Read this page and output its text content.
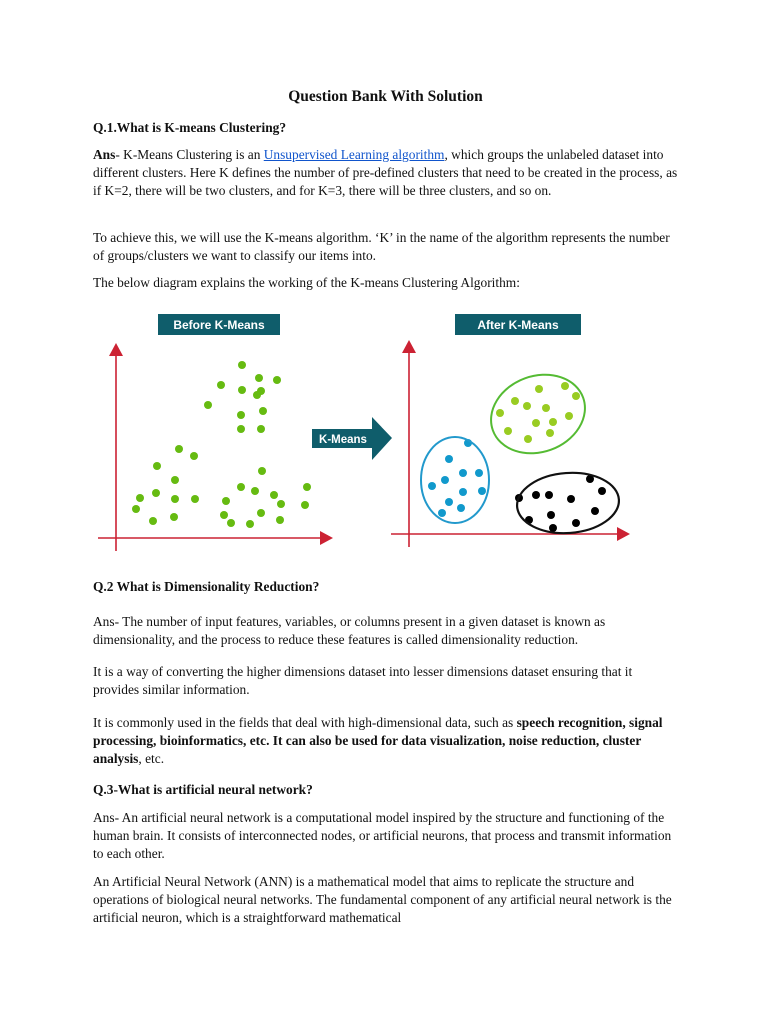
Question Bank With Solution

Q.1.What is K-means Clustering?

Ans- K-Means Clustering is an Unsupervised Learning algorithm, which groups the unlabeled dataset into different clusters. Here K defines the number of pre-defined clusters that need to be created in the process, as if K=2, there will be two clusters, and for K=3, there will be three clusters, and so on.

To achieve this, we will use the K-means algorithm. ‘K’ in the name of the algorithm represents the number of groups/clusters we want to classify our items into.

The below diagram explains the working of the K-means Clustering Algorithm:

Q.2 What is Dimensionality Reduction?

Ans- The number of input features, variables, or columns present in a given dataset is known as dimensionality, and the process to reduce these features is called dimensionality reduction.

It is a way of converting the higher dimensions dataset into lesser dimensions dataset ensuring that it provides similar information.

It is commonly used in the fields that deal with high-dimensional data, such as speech recognition, signal processing, bioinformatics, etc. It can also be used for data visualization, noise reduction, cluster analysis, etc.

Q.3-What is artificial neural network?

Ans- An artificial neural network is a computational model inspired by the structure and functioning of the human brain. It consists of interconnected nodes, or artificial neurons, that process and transmit information to each other.

An Artificial Neural Network (ANN) is a mathematical model that aims to replicate the structure and operations of biological neural networks. The fundamental component of any artificial neural network is the artificial neuron, which is a straightforward mathematical

Before K-Means	After K-Means
K-Means
